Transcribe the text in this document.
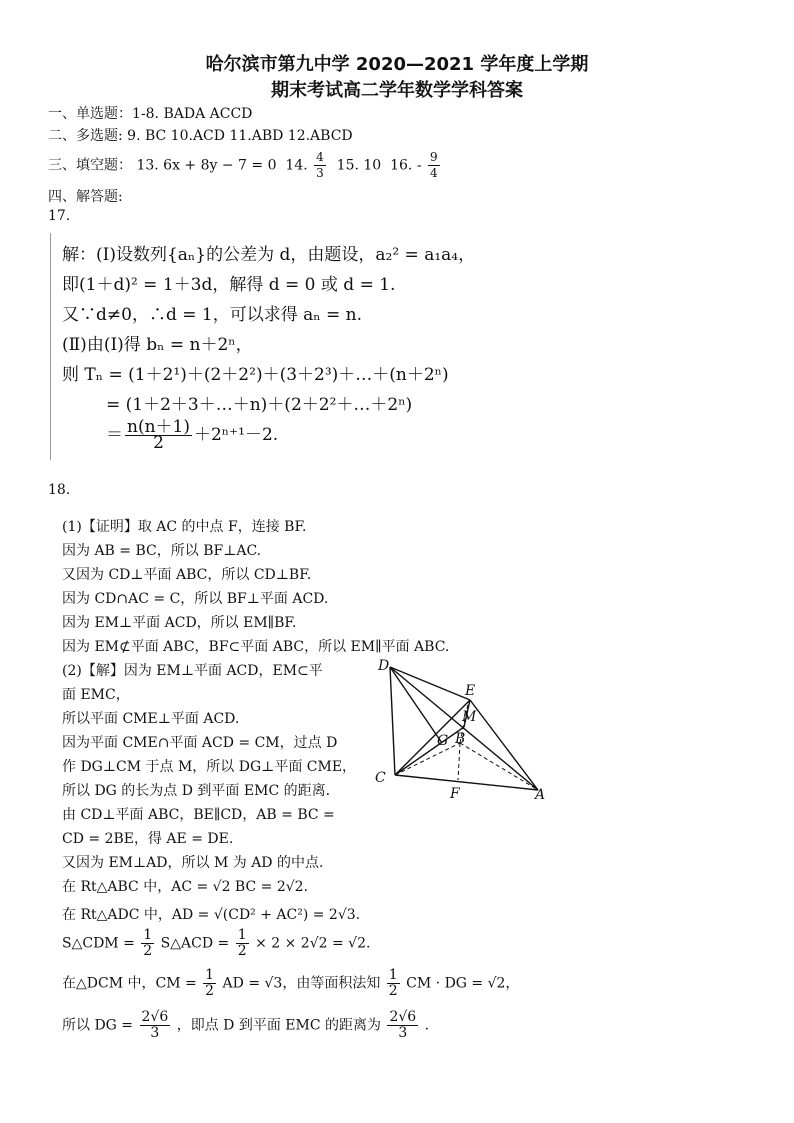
哈尔滨市第九中学 2020—2021 学年度上学期
期末考试高二学年数学学科答案
一、单选题：1-8. BADA ACCD
二、多选题: 9. BC 10.ACD 11.ABD 12.ABCD
三、填空题： 13. 6x + 8y − 7 = 0 14. $\frac{4}{3} 15$. 10 16. - $\frac{9}{4}$
四、解答题:
17.
解：(Ⅰ)设数列{aₙ}的公差为 d，由题设，a₂² = a₁a₄，
即(1＋d)² = 1＋3d，解得 d = 0 或 d = 1.
又∵d≠0，∴d = 1，可以求得 aₙ = n.
(Ⅱ)由(Ⅰ)得 bₙ = n＋2ⁿ，
则 Tₙ = (1＋2¹)＋(2＋2²)＋(3＋2³)＋…＋(n＋2ⁿ)
= (1＋2＋3＋…＋n)＋(2＋2²＋…＋2ⁿ)
＝ $\frac{n(n+1)}{2} +2^{n+1}-2$.
18.
(1)【证明】取 AC 的中点 F，连接 BF.
因为 AB = BC，所以 BF⊥AC.
又因为 CD⊥平面 ABC，所以 CD⊥BF.
因为 CD∩AC = C，所以 BF⊥平面 ACD.
因为 EM⊥平面 ACD，所以 EM∥BF.
因为 EM⊄平面 ABC，BF⊂平面 ABC，所以 EM∥平面 ABC.
(2)【解】因为 EM⊥平面 ACD，EM⊂平
面 EMC，
所以平面 CME⊥平面 ACD.
因为平面 CME∩平面 ACD = CM，过点 D
作 DG⊥CM 于点 M，所以 DG⊥平面 CME，
所以 DG 的长为点 D 到平面 EMC 的距离.
由 CD⊥平面 ABC，BE∥CD，AB = BC =
CD = 2BE，得 AE = DE.
又因为 EM⊥AD，所以 M 为 AD 的中点.
在 Rt△ABC 中，AC = √2 BC = 2√2.
在 Rt△ADC 中，AD = √(CD² + AC²) = 2√3.
S△CDM = $\frac{1}{2}$ S△ACD = $\frac{1}{2} \times 2 \times 2√2 = √2$.
在△DCM 中，CM = $\frac{1}{2}$ AD = √3，由等面积法知 $\frac{1}{2}$ CM · DG = √2，
所以 DG = $\frac{2√6}{3}$ ，即点 D 到平面 EMC 的距离为 $\frac{2√6}{3}$ .
D
E
M
B
G
C
F	A
